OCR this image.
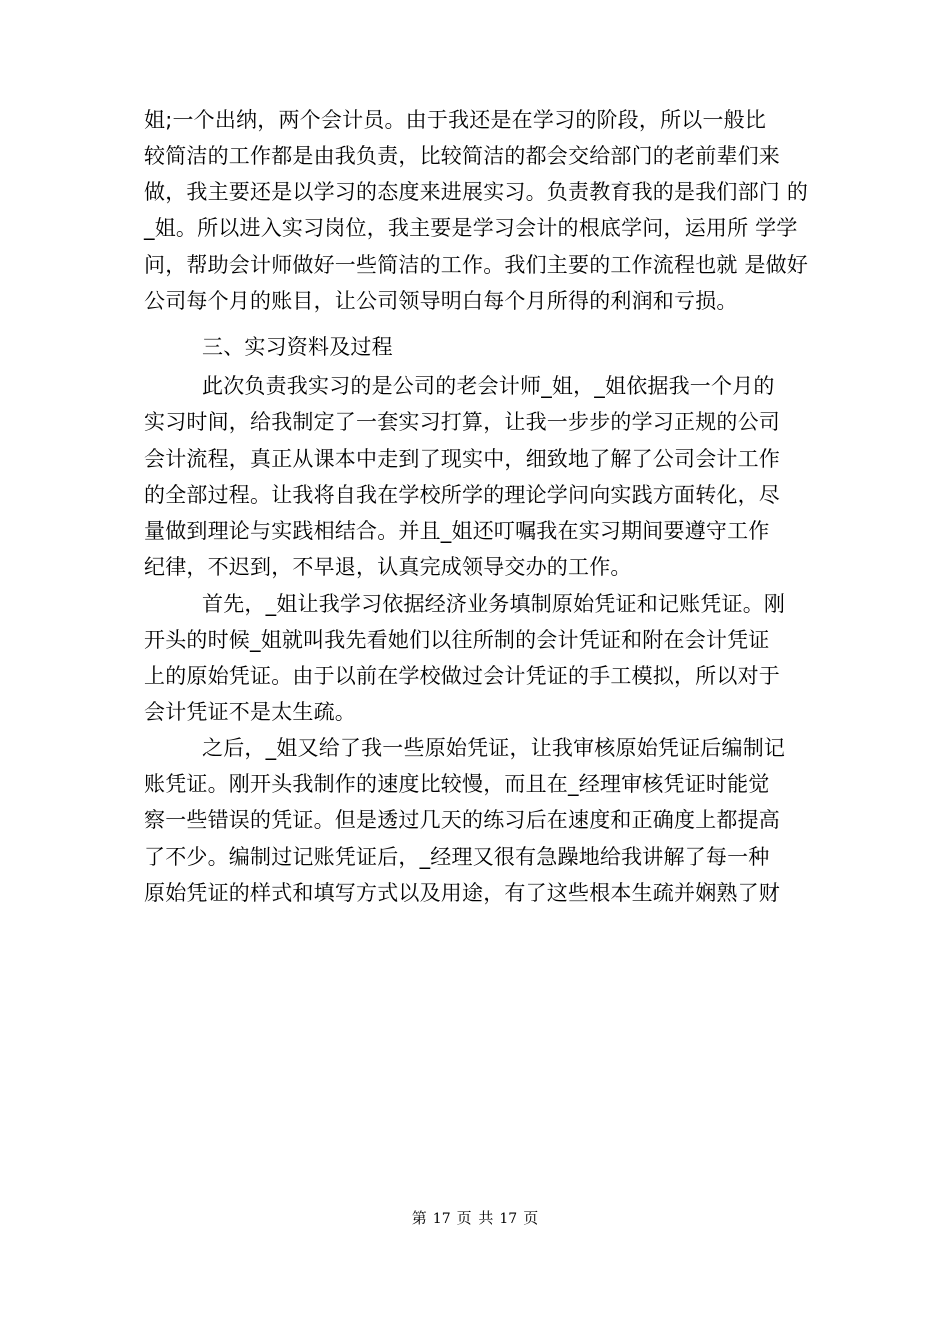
姐;一个出纳，两个会计员。由于我还是在学习的阶段，所以一般比
较简洁的工作都是由我负责，比较简洁的都会交给部门的老前辈们来
做，我主要还是以学习的态度来进展实习。负责教育我的是我们部门 的
_姐。所以进入实习岗位，我主要是学习会计的根底学问，运用所 学学
问，帮助会计师做好一些简洁的工作。我们主要的工作流程也就 是做好
公司每个月的账目，让公司领导明白每个月所得的利润和亏损。
三、实习资料及过程
此次负责我实习的是公司的老会计师_姐，_姐依据我一个月的
实习时间，给我制定了一套实习打算，让我一步步的学习正规的公司
会计流程，真正从课本中走到了现实中，细致地了解了公司会计工作
的全部过程。让我将自我在学校所学的理论学问向实践方面转化，尽
量做到理论与实践相结合。并且_姐还叮嘱我在实习期间要遵守工作
纪律，不迟到，不早退，认真完成领导交办的工作。
首先，_姐让我学习依据经济业务填制原始凭证和记账凭证。刚
开头的时候_姐就叫我先看她们以往所制的会计凭证和附在会计凭证
上的原始凭证。由于以前在学校做过会计凭证的手工模拟，所以对于
会计凭证不是太生疏。
之后，_姐又给了我一些原始凭证，让我审核原始凭证后编制记
账凭证。刚开头我制作的速度比较慢，而且在_经理审核凭证时能觉
察一些错误的凭证。但是透过几天的练习后在速度和正确度上都提高
了不少。编制过记账凭证后，_经理又很有急躁地给我讲解了每一种
原始凭证的样式和填写方式以及用途，有了这些根本生疏并娴熟了财
第 17 页 共 17 页
